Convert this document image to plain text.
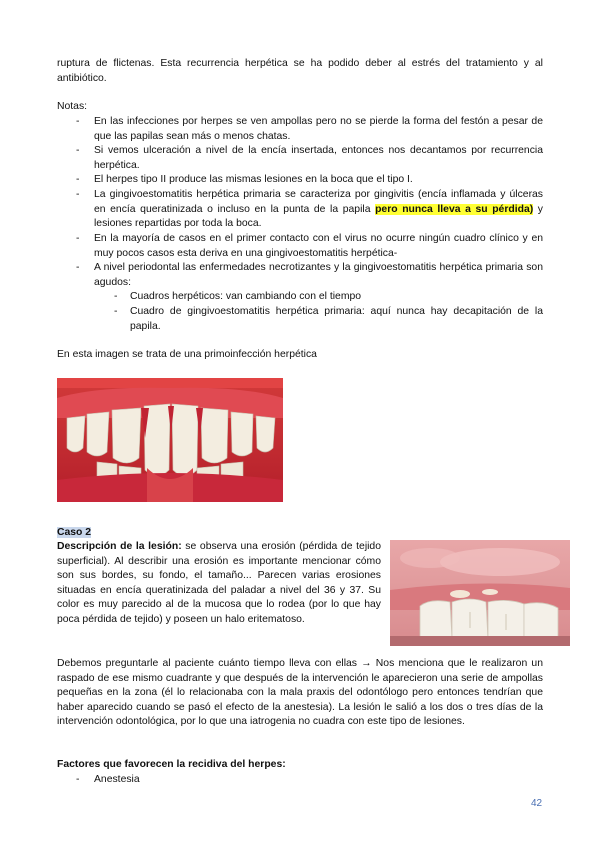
ruptura de flictenas. Esta recurrencia herpética se ha podido deber al estrés del tratamiento y al antibiótico.

Notas:

- En las infecciones por herpes se ven ampollas pero no se pierde la forma del festón a pesar de que las papilas sean más o menos chatas.

- Si vemos ulceración a nivel de la encía insertada, entonces nos decantamos por recurrencia herpética.

- El herpes tipo II produce las mismas lesiones en la boca que el tipo I.

- La gingivoestomatitis herpética primaria se caracteriza por gingivitis (encía inflamada y úlceras en encía queratinizada o incluso en la punta de la papila pero nunca lleva a su pérdida) y lesiones repartidas por toda la boca.

- En la mayoría de casos en el primer contacto con el virus no ocurre ningún cuadro clínico y en muy pocos casos esta deriva en una gingivoestomatitis herpética-

- A nivel periodontal las enfermedades necrotizantes y la gingivoestomatitis herpética primaria son agudos:

- Cuadros herpéticos: van cambiando con el tiempo

- Cuadro de gingivoestomatitis herpética primaria: aquí nunca hay decapitación de la papila.

En esta imagen se trata de una primoinfección herpética

Caso 2

Descripción de la lesión: se observa una erosión (pérdida de tejido superficial). Al describir una erosión es importante mencionar cómo son sus bordes, su fondo, el tamaño... Parecen varias erosiones situadas en encía queratinizada del paladar a nivel del 36 y 37. Su color es muy parecido al de la mucosa que lo rodea (por lo que hay poca pérdida de tejido) y poseen un halo eritematoso.

Debemos preguntarle al paciente cuánto tiempo lleva con ellas → Nos menciona que le realizaron un raspado de ese mismo cuadrante y que después de la intervención le aparecieron una serie de ampollas pequeñas en la zona (él lo relacionaba con la mala praxis del odontólogo pero entonces tendrían que haber aparecido cuando se pasó el efecto de la anestesia). La lesión le salió a los dos o tres días de la intervención odontológica, por lo que una iatrogenia no cuadra con este tipo de lesiones.

Factores que favorecen la recidiva del herpes:

- Anestesia

42
